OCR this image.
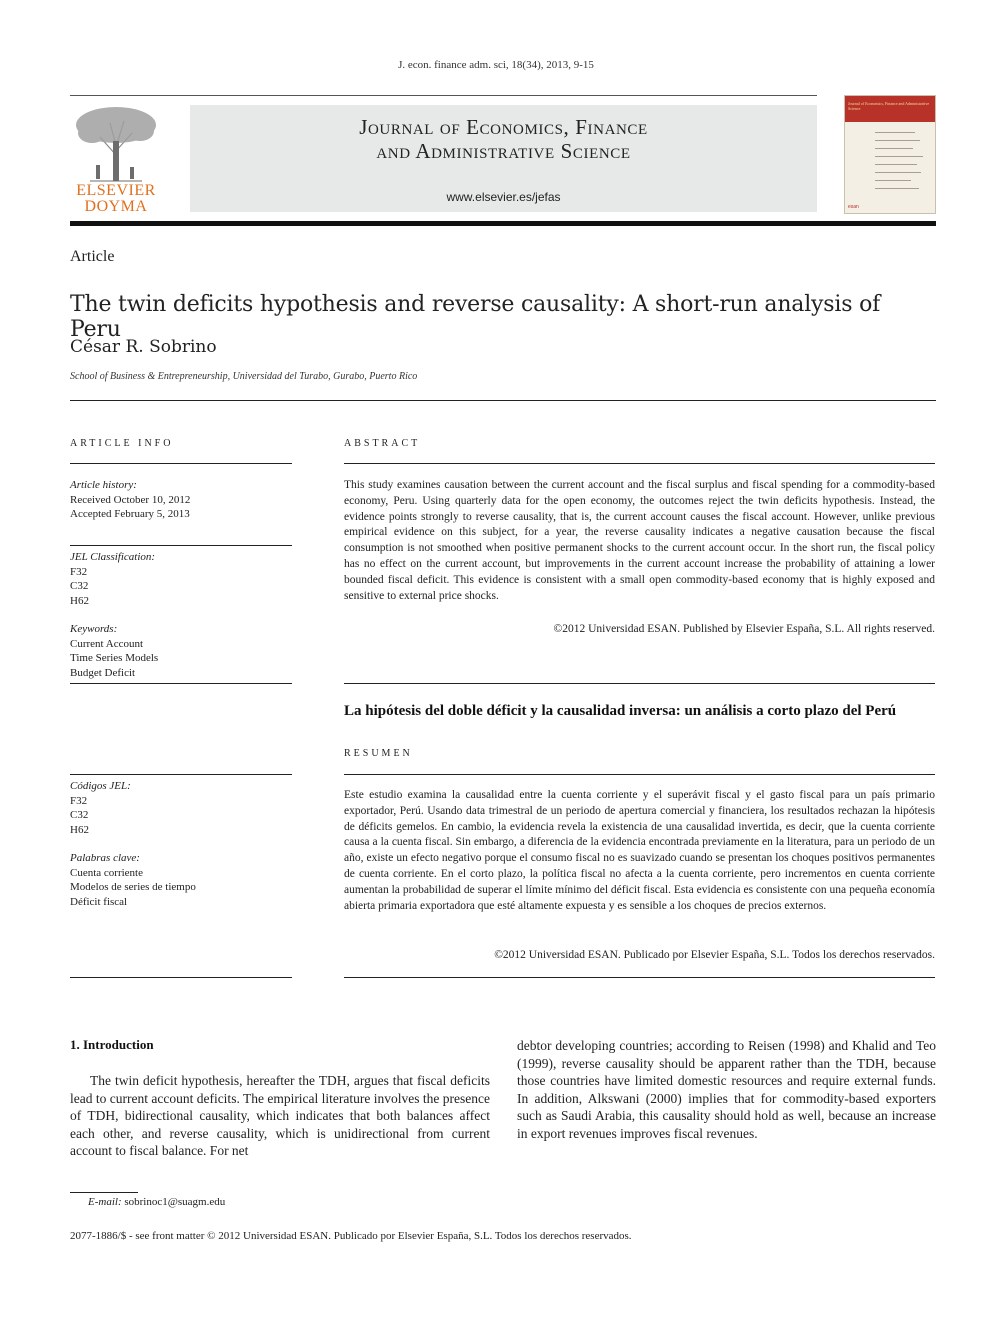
J. econ. finance adm. sci, 18(34), 2013, 9-15
ELSEVIER
DOYMA
Journal of Economics, Finance
and Administrative Science
www.elsevier.es/jefas
Journal of Economics, Finance and Administrative Science
esan
Article
The twin deficits hypothesis and reverse causality: A short-run analysis of Peru
César R. Sobrino
School of Business & Entrepreneurship, Universidad del Turabo, Gurabo, Puerto Rico
ARTICLE INFO
Article history:
Received October 10, 2012
Accepted February 5, 2013
JEL Classification:
F32
C32
H62
Keywords:
Current Account
Time Series Models
Budget Deficit
Códigos JEL:
F32
C32
H62
Palabras clave:
Cuenta corriente
Modelos de series de tiempo
Déficit fiscal
ABSTRACT
This study examines causation between the current account and the fiscal surplus and fiscal spending for a commodity-based economy, Peru. Using quarterly data for the open economy, the outcomes reject the twin deficits hypothesis. Instead, the evidence points strongly to reverse causality, that is, the current account causes the fiscal account. However, unlike previous empirical evidence on this subject, for a year, the reverse causality indicates a negative causation because the fiscal consumption is not smoothed when positive permanent shocks to the current account occur. In the short run, the fiscal policy has no effect on the current account, but improvements in the current account increase the probability of attaining a lower bounded fiscal deficit. This evidence is consistent with a small open commodity-based economy that is highly exposed and sensitive to external price shocks.
©2012 Universidad ESAN. Published by Elsevier España, S.L. All rights reserved.
La hipótesis del doble déficit y la causalidad inversa: un análisis a corto plazo del Perú
RESUMEN
Este estudio examina la causalidad entre la cuenta corriente y el superávit fiscal y el gasto fiscal para un país primario exportador, Perú. Usando data trimestral de un periodo de apertura comercial y financiera, los resultados rechazan la hipótesis de déficits gemelos. En cambio, la evidencia revela la existencia de una causalidad invertida, es decir, que la cuenta corriente causa a la cuenta fiscal. Sin embargo, a diferencia de la evidencia encontrada previamente en la literatura, para un periodo de un año, existe un efecto negativo porque el consumo fiscal no es suavizado cuando se presentan los choques positivos permanentes de cuenta corriente. En el corto plazo, la política fiscal no afecta a la cuenta corriente, pero incrementos en cuenta corriente aumentan la probabilidad de superar el límite mínimo del déficit fiscal. Esta evidencia es consistente con una pequeña economía abierta primaria exportadora que esté altamente expuesta y es sensible a los choques de precios externos.
©2012 Universidad ESAN. Publicado por Elsevier España, S.L. Todos los derechos reservados.
1. Introduction
The twin deficit hypothesis, hereafter the TDH, argues that fiscal deficits lead to current account deficits. The empirical literature involves the presence of TDH, bidirectional causality, which indicates that both balances affect each other, and reverse causality, which is unidirectional from current account to fiscal balance. For net
debtor developing countries; according to Reisen (1998) and Khalid and Teo (1999), reverse causality should be apparent rather than the TDH, because those countries have limited domestic resources and require external funds. In addition, Alkswani (2000) implies that for commodity-based exporters such as Saudi Arabia, this causality should hold as well, because an increase in export revenues improves fiscal revenues.
E-mail: sobrinoc1@suagm.edu
2077-1886/$ - see front matter © 2012 Universidad ESAN. Publicado por Elsevier España, S.L. Todos los derechos reservados.
